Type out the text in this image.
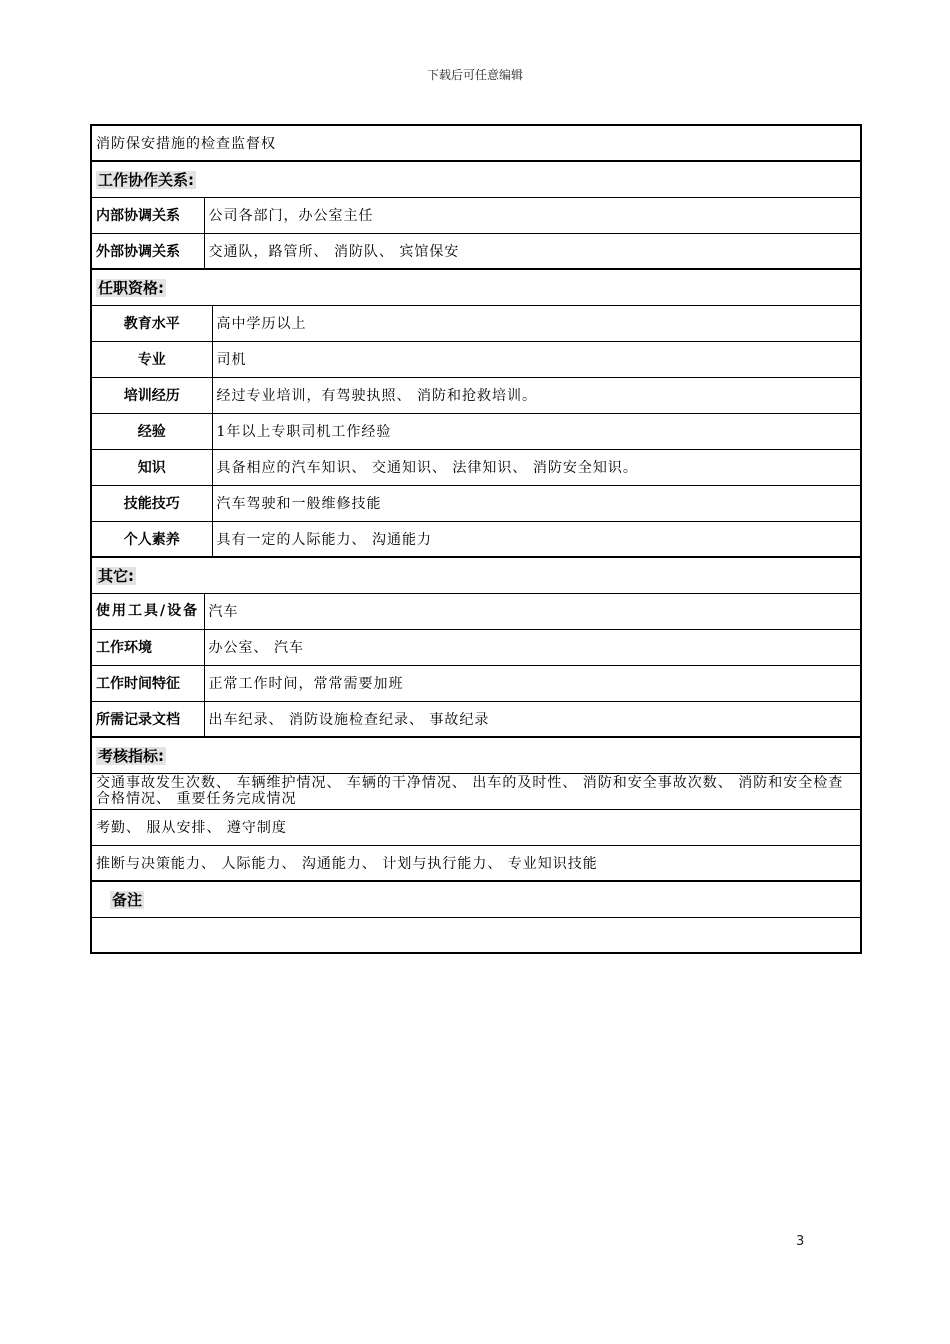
下载后可任意编辑
消防保安措施的检查监督权		
工作协作关系:		
内部协调关系	公司各部门，办公室主任	
外部协调关系	交通队，路管所、 消防队、 宾馆保安	
任职资格:		
教育水平		高中学历以上
专业		司机
培训经历		经过专业培训，有驾驶执照、 消防和抢救培训。
经验		1年以上专职司机工作经验
知识		具备相应的汽车知识、 交通知识、 法律知识、 消防安全知识。
技能技巧		汽车驾驶和一般维修技能
个人素养		具有一定的人际能力、 沟通能力
其它:		
使用工具/设备	汽车	
工作环境	办公室、 汽车	
工作时间特征	正常工作时间，常常需要加班	
所需记录文档	出车纪录、 消防设施检查纪录、 事故纪录	
考核指标:		
交通事故发生次数、 车辆维护情况、 车辆的干净情况、 出车的及时性、 消防和安全事故次数、 消防和安全检查合格情况、 重要任务完成情况		
考勤、 服从安排、 遵守制度		
推断与决策能力、 人际能力、 沟通能力、 计划与执行能力、 专业知识技能		
备注		

3
